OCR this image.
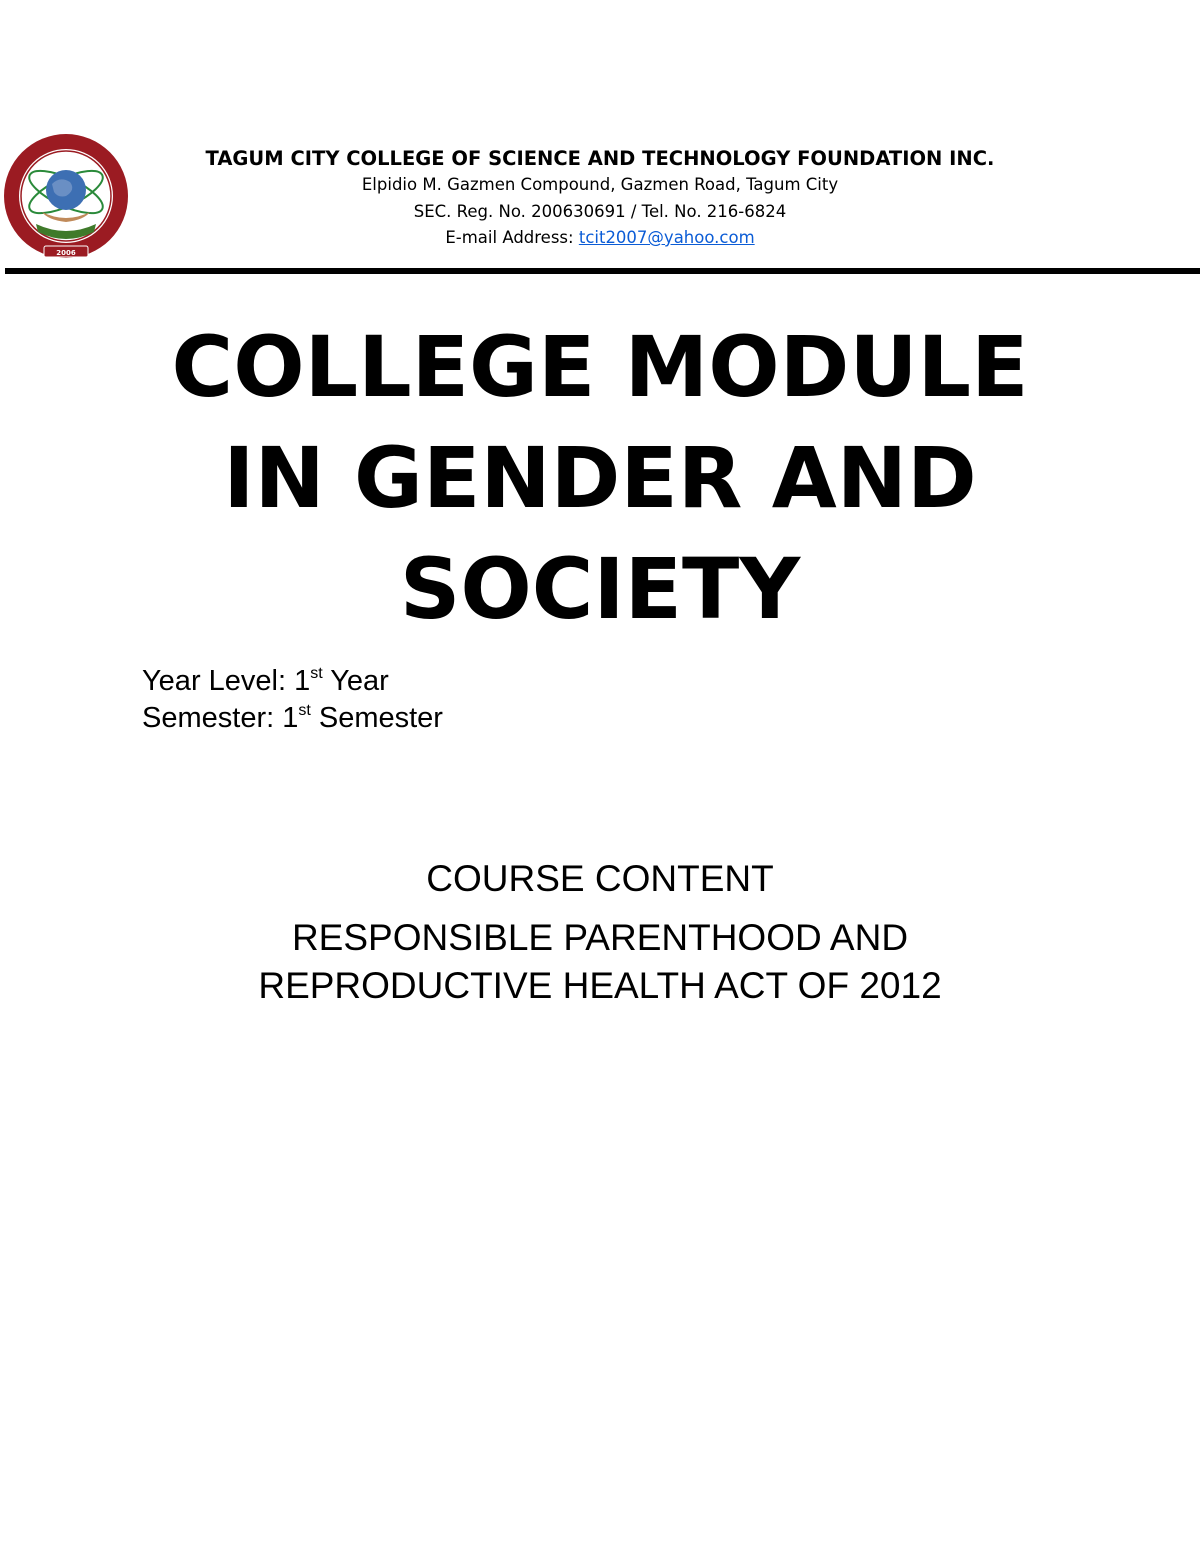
2006
TAGUM CITY COLLEGE OF SCIENCE AND TECHNOLOGY FOUNDATION INC.
Elpidio M. Gazmen Compound, Gazmen Road, Tagum City
SEC. Reg. No. 200630691 / Tel. No. 216-6824
E-mail Address: tcit2007@yahoo.com
COLLEGE MODULE
IN GENDER AND
SOCIETY
Year Level: 1st Year
Semester: 1st Semester
COURSE CONTENT
RESPONSIBLE PARENTHOOD AND
REPRODUCTIVE HEALTH ACT OF 2012
